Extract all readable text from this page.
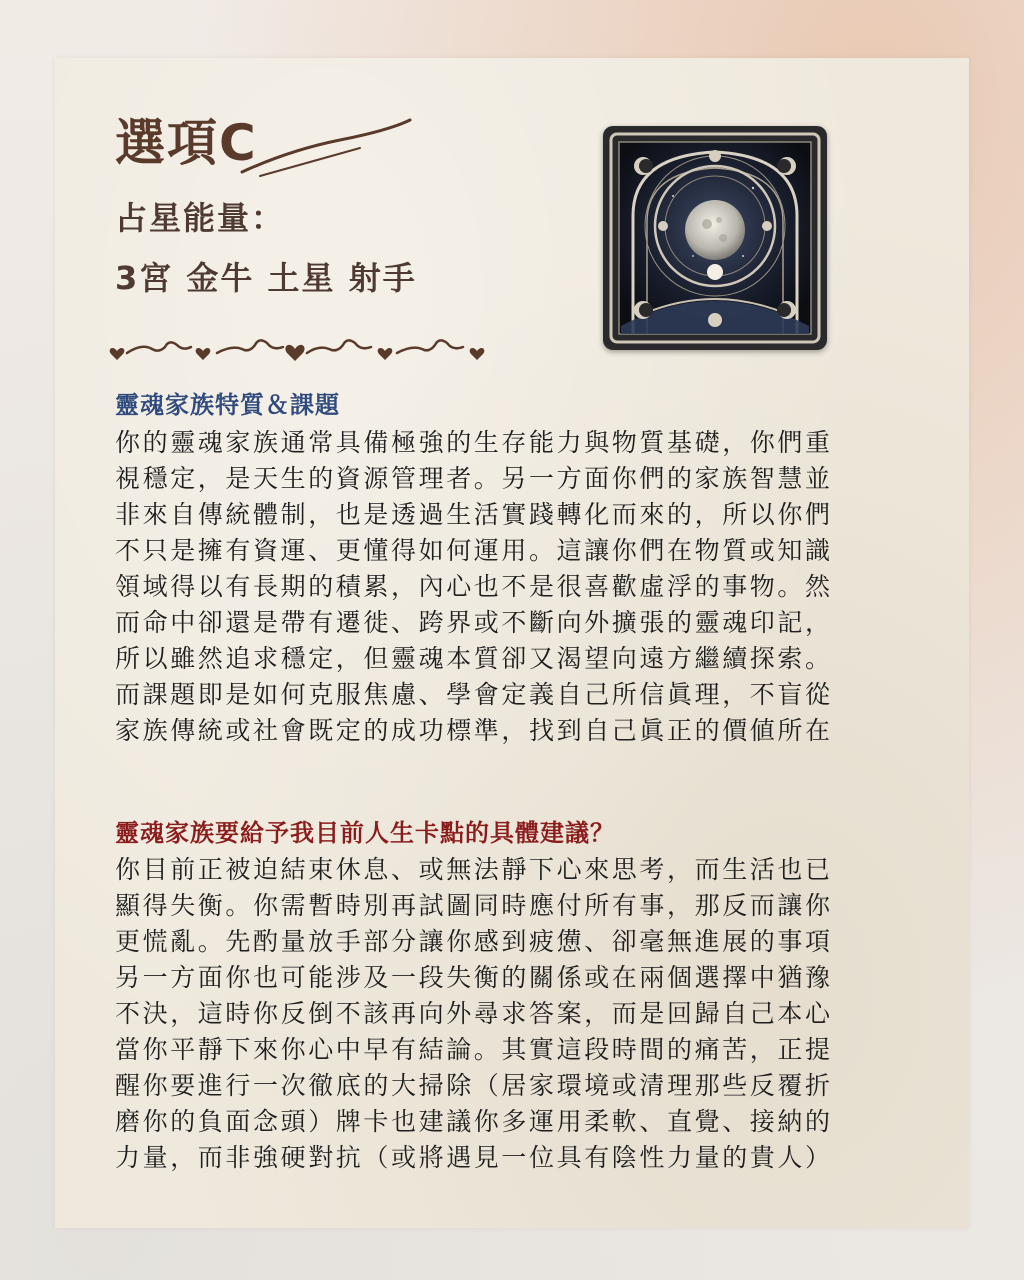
選項C
占星能量：
3宮 金牛 土星 射手
靈魂家族特質＆課題
你的靈魂家族通常具備極強的生存能力與物質基礎，你們重
視穩定，是天生的資源管理者。另一方面你們的家族智慧並
非來自傳統體制，也是透過生活實踐轉化而來的，所以你們
不只是擁有資運、更懂得如何運用。這讓你們在物質或知識
領域得以有長期的積累，內心也不是很喜歡虛浮的事物。然
而命中卻還是帶有遷徙、跨界或不斷向外擴張的靈魂印記，
所以雖然追求穩定，但靈魂本質卻又渴望向遠方繼續探索。
而課題即是如何克服焦慮、學會定義自己所信眞理，不盲從
家族傳統或社會既定的成功標準，找到自己眞正的價値所在
靈魂家族要給予我目前人生卡點的具體建議？
你目前正被迫結束休息、或無法靜下心來思考，而生活也已
顯得失衡。你需暫時別再試圖同時應付所有事，那反而讓你
更慌亂。先酌量放手部分讓你感到疲憊、卻毫無進展的事項
另一方面你也可能涉及一段失衡的關係或在兩個選擇中猶豫
不決，這時你反倒不該再向外尋求答案，而是回歸自己本心
當你平靜下來你心中早有結論。其實這段時間的痛苦，正提
醒你要進行一次徹底的大掃除（居家環境或清理那些反覆折
磨你的負面念頭）牌卡也建議你多運用柔軟、直覺、接納的
力量，而非強硬對抗（或將遇見一位具有陰性力量的貴人）
